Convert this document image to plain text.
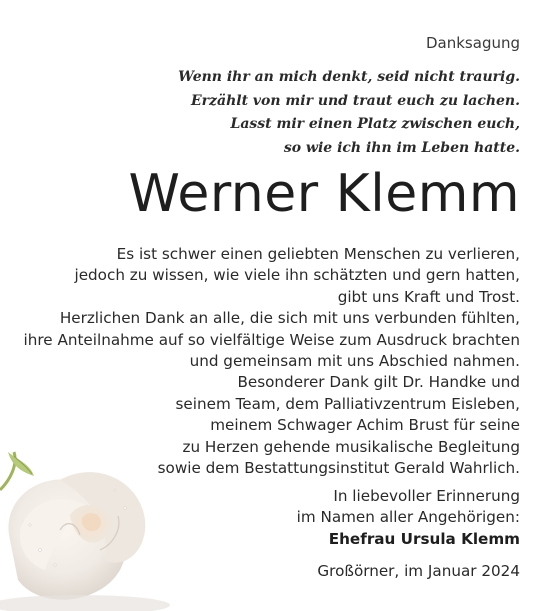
Danksagung
Wenn ihr an mich denkt, seid nicht traurig.
Erzählt von mir und traut euch zu lachen.
Lasst mir einen Platz zwischen euch,
so wie ich ihn im Leben hatte.
Werner Klemm
Es ist schwer einen geliebten Menschen zu verlieren,
jedoch zu wissen, wie viele ihn schätzten und gern hatten,
gibt uns Kraft und Trost.
Herzlichen Dank an alle, die sich mit uns verbunden fühlten,
ihre Anteilnahme auf so vielfältige Weise zum Ausdruck brachten
und gemeinsam mit uns Abschied nahmen.
Besonderer Dank gilt Dr. Handke und
seinem Team, dem Palliativzentrum Eisleben,
meinem Schwager Achim Brust für seine
zu Herzen gehende musikalische Begleitung
sowie dem Bestattungsinstitut Gerald Wahrlich.
In liebevoller Erinnerung
im Namen aller Angehörigen:
Ehefrau Ursula Klemm
Großörner, im Januar 2024
